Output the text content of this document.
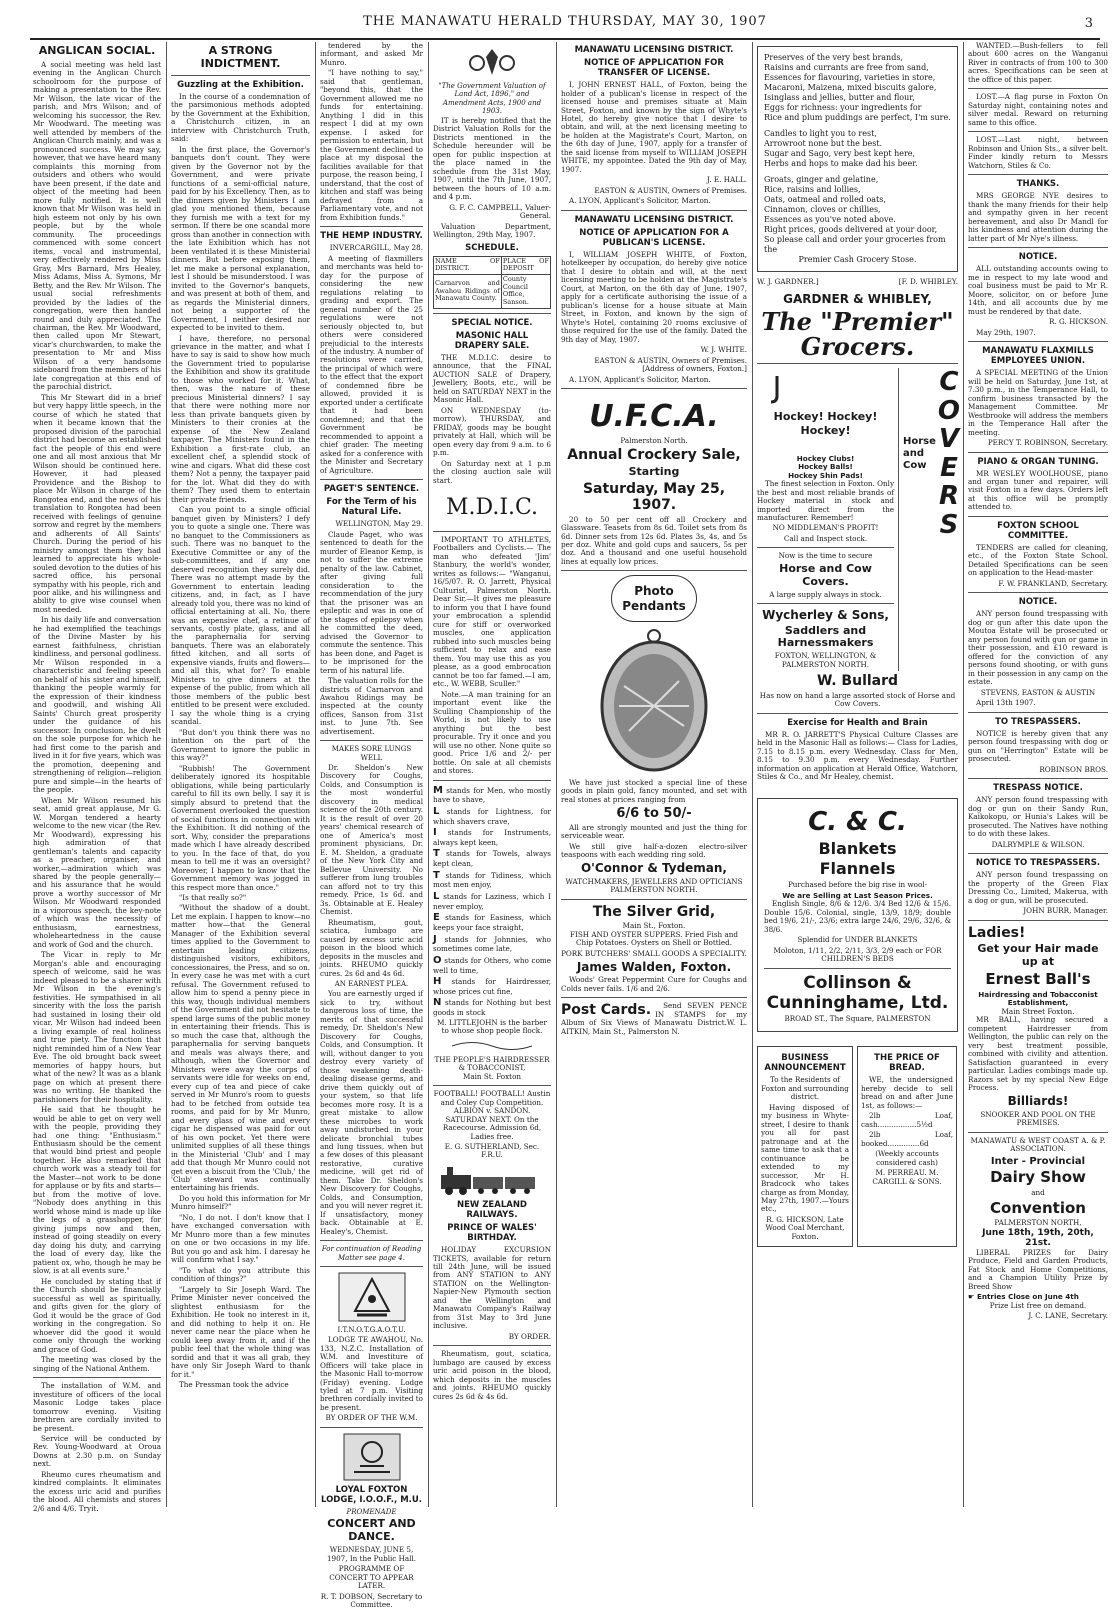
THE MANAWATU HERALD THURSDAY, MAY 30, 1907	3
ANGLICAN SOCIAL.

A social meeting was held last evening in the Anglican Church schoolroom for the purpose of making a presentation to the Rev. Mr Wilson, the late vicar of the parish, and Mrs Wilson; and of welcoming his successor, the Rev. Mr Woodward. The meeting was well attended by members of the Anglican Church mainly, and was a pronounced success. We may say, however, that we have heard many complaints this morning from outsiders and others who would have been present, if the date and object of the meeting had been more fully notified. It is well known that Mr Wilson was held in high esteem not only by his own people, but by the whole community. The proceedings commenced with some concert items, vocal and instrumental, very effectively rendered by Miss Gray, Mrs Barnard, Mrs Healey, Miss Adams, Miss A. Symons, Mr Betty, and the Rev. Mr Wilson. The usual social refreshments provided by the ladies of the congregation, were then handed round and duly appreciated. The chairman, the Rev. Mr Woodward, then called upon Mr Stewart, vicar's churchwarden, to make the presentation to Mr and Miss Wilson of a very handsome sideboard from the members of his late congregation at this end of the parochial district.

This Mr Stewart did in a brief but very happy little speech, in the course of which he stated that when it became known that the proposed division of the parochial district had become an established fact the people of this end were one and all most anxious that Mr Wilson should be continued here. However, it had pleased Providence and the Bishop to place Mr Wilson in charge of the Rongotea end, and the news of his translation to Rongotea had been received with feelings of genuine sorrow and regret by the members and adherents of All Saints' Church. During the period of his ministry amongst them they had learned to appreciate his whole-souled devotion to the duties of his sacred office, his personal sympathy with his people, rich and poor alike, and his willingness and ability to give wise counsel when most needed.

In his daily life and conversation he had exemplified the teachings of the Divine Master by his earnest faithfulness, christian kindliness, and personal godliness. Mr Wilson responded in a characteristic and feeling speech on behalf of his sister and himself, thanking the people warmly for the expression of their kindness and goodwill, and wishing All Saints' Church great prosperity under the guidance of his successor. In conclusion, he dwelt on the sole purpose for which he had first come to the parish and lived in it for five years, which was the promotion, deepening and strengthening of religion—religion pure and simple—in the hearts of the people.

When Mr Wilson resumed his seat, amid great applause, Mr G. W. Morgan tendered a hearty welcome to the new vicar (the Rev. Mr Woodward), expressing his high admiration of that gentleman's talents and capacity as a preacher, organiser, and worker,—admiration which was shared by the people generally—and his assurance that he would prove a worthy successor of Mr Wilson. Mr Woodward responded in a vigorous speech, the key-note of which was the necessity of enthusiasm, earnestness, wholeheartedness in the cause and work of God and the church.

The Vicar in reply to Mr Morgan's able and encouraging speech of welcome, said he was indeed pleased to be a sharer with Mr Wilson in the evening's festivities. He sympathised in all sincerity with the loss the parish had sustained in losing their old vicar. Mr Wilson had indeed been a living example of real holiness and true piety. The function that night reminded him of a New Year Eve. The old brought back sweet memories of happy hours, but what of the new? It was as a blank page on which at present there was no writing. He thanked the parishioners for their hospitality.

He said that he thought he would be able to get on very well with the people, providing they had one thing: "Enthusiasm." Enthusiasm should be the cement that would bind priest and people together. He also remarked that church work was a steady toil for the Master—not work to be done for applause or by fits and starts—but from the motive of love. "Nobody does anything in this world whose mind is made up like the legs of a grasshopper, for giving jumps now and then, instead of going steadily on every day doing his duty, and carrying the load of every day, like the patient ox, who, though he may be slow, is at all events sure."

He concluded by stating that if the Church should be financially successful as well as spiritually, and gifts given for the glory of God it would be the grace of God working in the congregation. So whoever did the good it would come only through the working and grace of God.

The meeting was closed by the singing of the National Anthem.

The installation of W.M. and investiture of officers of the local Masonic Lodge takes place tomorrow evening. Visiting brethren are cordially invited to be present.

Service will be conducted by Rev. Young-Woodward at Oroua Downs at 2.30 p.m. on Sunday next.

Rheumo cures rheumatism and kindred complaints. It eliminates the excess uric acid and purifies the blood. All chemists and stores 2/6 and 4/6. Tryit.

A STRONG INDICTMENT.
Guzzling at the Exhibition.

In the course of a condemnation of the parsimonious methods adopted by the Government at the Exhibition, a Christchurch citizen, in an interview with Christchurch Truth, said:

In the first place, the Governor's banquets don't count. They were given by the Governor not by the Government, and were private functions of a semi-official nature, paid for by his Excellency. Then, as to the dinners given by Ministers I am glad you mentioned them, because they furnish me with a text for my sermon. If there be one scandal more gross than another in connection with the late Exhibition which has not been ventilated it is these Ministerial dinners. But before exposing them, let me make a personal explanation, lest I should be misunderstood. I was invited to the Governor's banquets, and was present at both of them, and as regards the Ministerial dinners, not being a supporter of the Government, I neither desired nor expected to be invited to them.

I have, therefore, no personal grievance in the matter, and what I have to say is said to show how much the Government tried to popularise the Exhibition and show its gratitude to those who worked for it. What, then, was the nature of these precious Ministerial dinners? I say that there were nothing more nor less than private banquets given by Ministers to their cronies at the expense of the New Zealand taxpayer. The Ministers found in the Exhibition a first-rate club, an excellent chef, a splendid stock of wine and cigars. What did these cost them? Not a penny, the taxpayer paid for the lot. What did they do with them? They used them to entertain their private friends.

Can you point to a single official banquet given by Ministers? I defy you to quote a single one. There was no banquet to the Commissioners as such. There was no banquet to the Executive Committee or any of the sub-committees, and if any one deserved recognition they surely did. There was no attempt made by the Government to entertain leading citizens, and, in fact, as I have already told you, there was no kind of official entertaining at all. No, there was an expensive chef, a retinue of servants, costly plate, glass, and all the paraphernalia for serving banquets. There was an elaborately fitted kitchen, and all sorts of expensive viands, fruits and flowers—and all this, what for? To enable Ministers to give dinners at the expense of the public, from which all those members of the public best entitled to be present were excluded. I say the whole thing is a crying scandal.

"But don't you think there was no intention on the part of the Government to ignore the public in this way?"

"Rubbish! The Government deliberately ignored its hospitable obligations, while being particularly careful to fill its own belly. I say it is simply absurd to pretend that the Government overlooked the question of social functions in connection with the Exhibition. It did nothing of the sort. Why, consider the preparations made which I have already described to you. In the face of that, do you mean to tell me it was an oversight? Moreover, I happen to know that the Government memory was jogged in this respect more than once."

"Is that really so?"

"Without the shadow of a doubt. Let me explain. I happen to know—no matter how—that the General Manager of the Exhibition several times applied to the Government to entertain leading citizens, distinguished visitors, exhibitors, concessionaires, the Press, and so on. In every case he was met with a curt refusal. The Government refused to allow him to spend a penny piece in this way, though individual members of the Government did not hesitate to spend large sums of the public money in entertaining their friends. This is so much the case that, although the paraphernalia for serving banquets and meals was always there, and although, when the Governor and Ministers were away the corps of servants were idle for weeks on end, every cup of tea and piece of cake served in Mr Munro's room to guests had to be fetched from outside tea rooms, and paid for by Mr Munro, and every glass of wine and every cigar he dispensed was paid for out of his own pocket. Yet there were unlimited supplies of all these things in the Ministerial 'Club' and I may add that though Mr Munro could not get even a biscuit from the 'Club,' the 'Club' steward was continually entertaining his friends.

Do you hold this information for Mr Munro himself?"

"No, I do not. I don't know that I have exchanged conversation with Mr Munro more than a few minutes on one or two occasions in my life. But you go and ask him. I daresay he will confirm what I say."

"To what do you attribute this condition of things?"

"Largely to Sir Joseph Ward. The Prime Minister never conceived the slightest enthusiasm for the Exhibition. He took no interest in it, and did nothing to help it on. He never came near the place when he could keep away from it, and if the public feel that the whole thing was sordid and that it was all grab, they have only Sir Joseph Ward to thank for it."

The Pressman took the advice

tendered by the informant, and asked Mr Munro.

"I have nothing to say," said that gentleman, "beyond this, that the Government allowed me no funds for entertaining. Anything I did in this respect I did at my own expense. I asked for permission to entertain, but the Government declined to place at my disposal the facilities available for that purpose, the reason being, I understand, that the cost of kitchen and staff was being defrayed from a Parliamentary vote, and not from Exhibition funds."

THE HEMP INDUSTRY.

INVERCARGILL, May 28.

A meeting of flaxmillers and merchants was held to-day for the purpose of considering the new regulations relating to grading and export. The general number of the 25 regulations were not seriously objected to, but others were considered prejudicial to the interests of the industry. A number of resolutions were carried, the principal of which were to the effect that the export of condemned fibre be allowed, provided it is exported under a certificate that it had been condemned; and that the Government be recommended to appoint a chief grader. The meeting asked for a conference with the Minister and Secretary of Agriculture.

PAGET'S SENTENCE.
For the Term of his Natural Life.

WELLINGTON, May 29.

Claude Paget, who was sentenced to death for the murder of Eleanor Kemp, is not to suffer the extreme penalty of the law. Cabinet, after giving full consideration to the recommendation of the jury that the prisoner was an epileptic and was in one of the stages of epilepsy when he committed the deed, advised the Governor to commute the sentence. This has been done, and Paget is to be imprisoned for the term of his natural life.

The valuation rolls for the districts of Carnarvon and Awahou Ridings may be inspected at the county offices, Sanson from 31st inst. to June 7th. See advertisement.

MAKES SORE LUNGS WELL

Dr. Sheldon's New Discovery for Coughs, Colds, and Consumption is the most wonderful discovery in medical science of the 20th century. It is the result of over 20 years' chemical research of one of America's most prominent physicians, Dr. E. M. Sheldon, a graduate of the New York City and Bellevue University. No sufferer from lung troubles can afford not to try this remedy. Price, 1s 6d. and 3s. Obtainable at E. Healey Chemist.

Rheumatism, gout, sciatica, lumbago are caused by excess uric acid poison in the blood which deposits in the muscles and joints. RHEUMO quickly cures. 2s 6d and 4s 6d.

AN EARNEST PLEA.

You are earnestly urged if sick to try, without dangerous loss of time, the merits of that successful remedy, Dr. Sheldon's New Discovery for Coughs, Colds, and Consumption. It will, without danger to you destroy every variety of those weakening death-dealing disease germs, and drive them quickly out of your system, so that life becomes more rosy. It is a great mistake to allow these microbes to work away undisturbed in your delicate bronchial tubes and lung tissues, when but a few doses of this pleasant restorative, curative medicine, will get rid of them. Take Dr. Sheldon's New Discovery for Coughs, Colds, and Consumption, and you will never regret it. If unsatisfactory, money back. Obtainable at E. Healey's, Chemist.

For continuation of Reading Matter see page 4.
I.T.N.O.T.G.A.O.T.U.

LODGE TE AWAHOU, No. 133, N.Z.C. Installation of W.M. and Investiture of Officers will take place in the Masonic Hall to-morrow (Friday) evening. Lodge tyled at 7 p.m. Visiting brethren cordially invited to be present.

BY ORDER OF THE W.M.

LOYAL FOXTON LODGE, I.O.O.F., M.U.
PROMENADE
CONCERT AND DANCE.

WEDNESDAY, JUNE 5, 1907, In the Public Hall.

PROGRAMME OF CONCERT TO APPEAR LATER.

R. T. DOBSON, Secretary to Committee.

"The Government Valuation of Land Act, 1896," and Amendment Acts, 1900 and 1903.

IT is hereby notified that the District Valuation Rolls for the Districts mentioned in the Schedule hereunder will be open for public inspection at the place named in the schedule from the 31st May, 1907, until the 7th June, 1907, between the hours of 10 a.m. and 4 p.m.

G. F. C. CAMPBELL, Valuer-General.

Valuation Department, Wellington, 29th May, 1907.

SCHEDULE.
NAME OF DISTRICT.	PLACE OF DEPOSIT
Carnarvon and Awahou Ridings of Manawatu County.	County Council Office, Sanson.
SPECIAL NOTICE.
MASONIC HALL DRAPERY SALE.

THE M.D.I.C. desire to announce, that the FINAL AUCTION SALE of Drapery, Jewellery, Boots, etc., will be held on SATURDAY NEXT in the Masonic Hall.

ON WEDNESDAY (to-morrow), THURSDAY, and FRIDAY, goods may be bought privately at Hall, which will be open every day from 9 a.m. to 6 p.m.

On Saturday next at 1 p.m the closing auction sale will start.

M.D.I.C.

IMPORTANT TO ATHLETES, Footballers and Cyclists.— The man who defeated 'Jim' Stanbury, the world's wonder, writes as follows:— "Wanganui, 16/5/07. R. O. Jarrett, Physical Culturist, Palmerston North. Dear Sir,—It gives me pleasure to inform you that I have found your embrocation a splendid cure for stiff or overworked muscles, one application rubbed into such muscles being sufficient to relax and ease them. You may use this as you please, as a good embrocation cannot be too far famed.—I am, etc., W. WEBB, Sculler."

Note.—A man training for an important event like the Sculling Championship of the World, is not likely to use anything but the best procurable. Try it once and you will use no other. None quite so good. Price 1/6 and 2/- per bottle. On sale at all chemists and stores.

M stands for Men, who mostly have to shave,

L stands for Lightness, for which shavers crave,

I stands for Instruments, always kept keen,

T stands for Towels, always kept clean,

T stands for Tidiness, which most men enjoy,

L stands for Laziness, which I never employ,

E stands for Easiness, which keeps your face straight,

J stands for Johnnies, who sometimes come late,

O stands for Others, who come well to time,

H stands for Hairdresser, whose prices cut fine,

N stands for Nothing but best goods in stock

M. LITTLEJOHN is the barber to whose shop people flock.

THE PEOPLE'S HAIRDRESSER & TOBACCONIST,
Main St. Foxton

FOOTBALL! FOOTBALL! Austin and Coley Cup Competition. ALBION v. SANDON. SATURDAY NEXT. On the Racecourse. Admission 6d, Ladies free.

E. G. SUTHERLAND, Sec. F.R.U.

NEW ZEALAND RAILWAYS.
PRINCE OF WALES' BIRTHDAY.

HOLIDAY EXCURSION TICKETS, available for return till 24th June, will be issued from ANY STATION to ANY STATION on the Wellington-Napier-New Plymouth section and the Wellington and Manawatu Company's Railway from 31st May to 3rd June inclusive.

BY ORDER.

Rheumatism, gout, sciatica, lumbago are caused by excess uric acid poison in the blood, which deposits in the muscles and joints. RHEUMO quickly cures 2s 6d & 4s 6d.

MANAWATU LICENSING DISTRICT.
NOTICE OF APPLICATION FOR TRANSFER OF LICENSE.

I, JOHN ERNEST HALL, of Foxton, being the holder of a publican's license in respect of the licensed house and premises situate at Main Street, Foxton, and known by the sign of Whyte's Hotel, do hereby give notice that I desire to obtain, and will, at the next licensing meeting to be holden at the Magistrate's Court, Marton, on the 6th day of June, 1907, apply for a transfer of the said license from myself to WILLIAM JOSEPH WHITE, my appointee. Dated the 9th day of May, 1907.

J. E. HALL.

EASTON & AUSTIN, Owners of Premises.

A. LYON, Applicant's Solicitor, Marton.

MANAWATU LICENSING DISTRICT.
NOTICE OF APPLICATION FOR A PUBLICAN'S LICENSE.

I, WILLIAM JOSEPH WHITE, of Foxton, hotelkeeper by occupation, do hereby give notice that I desire to obtain and will, at the next licensing meeting to be holden at the Magistrate's Court, at Marton, on the 6th day of June, 1907, apply for a certificate authorising the issue of a publican's license for a house situate at Main Street, in Foxton, and known by the sign of Whyte's Hotel, containing 20 rooms exclusive of those required for the use of the family. Dated the 9th day of May, 1907.

W. J. WHITE.

EASTON & AUSTIN, Owners of Premises. [Address of owners, Foxton.]

A. LYON, Applicant's Solicitor, Marton.

U.F.C.A.
Palmerston North.
Annual Crockery Sale,
Starting
Saturday, May 25, 1907.

20 to 50 per cent off all Crockery and Glassware. Teasets from 8s 6d. Toilet sets from 8s 6d. Dinner sets from 12s 6d. Plates 3s, 4s, and 5s per doz. White and gold cups and saucers, 5s per doz. And a thousand and one useful household lines at equally low prices.

Photo Pendants

We have just stocked a special line of these goods in plain gold, fancy mounted, and set with real stones at prices ranging from

6/6 to 50/-

All are strongly mounted and just the thing for serviceable wear.

We still give half-a-dozen electro-silver teaspoons with each wedding ring sold.

O'Connor & Tydeman,
WATCHMAKERS, JEWELLERS AND OPTICIANS
PALMERSTON NORTH.
The Silver Grid,
Main St., Foxton.

FISH AND OYSTER SUPPERS. Fried Fish and Chip Potatoes. Oysters on Shell or Bottled.

PORK BUTCHERS' SMALL GOODS A SPECIALITY.

James Walden, Foxton.

Woods' Great Peppermint Cure for Coughs and Colds never fails. 1/6 and 2/6.

Post Cards.	Send SEVEN PENCE IN STAMPS for my Album of Six Views of Manawatu District.W. L. AITKIN, Main St., Palmerston N.

Preserves of the very best brands,
Raisins and currants are free from sand,
Essences for flavouring, varieties in store,
Macaroni, Maizena, mixed biscuits galore,
Isinglass and jellies, butter and flour,
Eggs for richness: your ingredients for
Rice and plum puddings are perfect, I'm sure.
Candles to light you to rest,
Arrowroot none but the best.
Sugar and Sago, very best kept here,
Herbs and hops to make dad his beer.
Groats, ginger and gelatine,
Rice, raisins and lollies,
Oats, oatmeal and rolled oats,
Cinnamon, cloves or chillies,
Essences as you've noted above.
Right prices, goods delivered at your door,
So please call and order your groceries from the
Premier Cash Grocery Stose.
W. J. GARDNER.]	[F. D. WHIBLEY.
GARDNER & WHIBLEY,
The "Premier" Grocers.
Hockey! Hockey! Hockey!
Hockey Clubs!
Hockey Balls!
Hockey Shin Pads!

The finest selection in Foxton. Only the best and most reliable brands of Hockey material in stock and imported direct from the manufacturer. Remember!

NO MIDDLEMAN'S PROFIT!

Call and Inspect stock.

Now is the time to secure

Horse and Cow Covers.

A large supply always in stock.

Wycherley & Sons,
Saddlers and Harnessmakers

FOXTON, WELLINGTON, & PALMERSTON NORTH.

Horse
and
Cow
C
O
V
E
R
S
W. Bullard

Has now on hand a large assorted stock of Horse and Cow Covers.

Exercise for Health and Brain

MR R. O. JARRETT'S Physical Culture Classes are held in the Masonic Hall as follows:— Class for Ladies, 7.15 to 8.15 p.m. every Wednesday. Class for Men, 8.15 to 9.30 p.m. every Wednesday. Further information on application at Herald Office, Watchorn, Stiles & Co., and Mr Healey, chemist.

C. & C.
Blankets
Flannels

Purchased before the big rise in wool-

We are Selling at Last Season Prices.

English Single, 8/6 & 12/6. 3/4 Bed 12/6 & 15/6. Double 15/6. Colonial, single, 13/9, 18/9; double bed 19/6, 21/-, 23/6; extra large 24/6, 29/6, 32/6, & 38/6.

Splendid for UNDER BLANKETS

Moloton, 1/11, 2/2, 2/11, 3/3, 2/9 each or FOR CHILDREN'S BEDS

Collinson & Cunninghame, Ltd.

BROAD ST., The Square, PALMERSTON

BUSINESS ANNOUNCEMENT

To the Residents of Foxton and surrounding district.

Having disposed of my business in Whyte-street, I desire to thank you all for past patronage and at the same time to ask that a continuance be extended to my successor, Mr H. Bradcock who takes charge as from Monday, May 27th, 1907.—Yours etc.,

R. G. HICKSON, Late Wood Coal Merchant, Foxton.

THE PRICE OF BREAD.

WE, the undersigned hereby decide to sell bread on and after June 1st, as follows:—

2lb Loaf, cash.................5½d

2lb Loaf, booked..............6d

(Weekly accounts considered cash)

M. PERREAU. M. CARGILL & SONS.

WANTED.—Bush-fellers to fell about 600 acres on the Wanganui River in contracts of from 100 to 300 acres. Specifications can be seen at the office of this paper.

LOST.—A flag purse in Foxton On Saturday night, containing notes and silver medal. Reward on returning same to this office.

LOST.—Last night, between Robinson and Union Sts., a silver belt. Finder kindly return to Messrs Watchorn, Stiles & Co.

THANKS.

MRS GEORGE NYE desires to thank the many friends for their help and sympathy given in her recent bereavement, and also Dr Mandl for his kindness and attention during the latter part of Mr Nye's illness.

NOTICE.

ALL outstanding accounts owing to me in respect to my late wood and coal business must be paid to Mr R. Moore, solicitor, on or before June 14th, and all accounts due by me must be rendered by that date.

R. G. HICKSON.

May 29th, 1907.

MANAWATU FLAXMILLS EMPLOYEES UNION.

A SPECIAL MEETING of the Union will be held on Saturday, June 1st, at 7.30 p.m., in the Temperance Hall, to confirm business transacted by the Management Committee. Mr Westbrooke will address the members in the Temperance Hall after the meeting.

PERCY T. ROBINSON, Secretary.

PIANO & ORGAN TUNING.

MR WESLEY WOOLHOUSE, piano and organ tuner and repairer, will visit Foxton in a few days. Orders left at this office will be promptly attended to.

FOXTON SCHOOL COMMITTEE.

TENDERS are called for cleaning, etc., of the Foxton State School. Detailed Specifications can be seen on application to the Head-master

F. W. FRANKLAND, Secretary.

NOTICE.

ANY person found trespassing with dog or gun after this date upon the Moutoa Estate will be prosecuted or any person found with gun or game in their possession, and £10 reward is offered for the conviction of any persons found shooting, or with guns in their possession in any camp on the estate.

STEVENS, EASTON & AUSTIN

April 13th 1907.

TO TRESPASSERS.

NOTICE is hereby given that any person found trespassing with dog or gun on "Herrington" Estate will be prosecuted.

ROBINSON BROS.

TRESPASS NOTICE.

ANY person found trespassing with dog or gun on their Sandy Run, Kaikokopu, or Hunia's Lakes will be prosecuted. The Natives have nothing to do with these lakes.

DALRYMPLE & WILSON.

NOTICE TO TRESPASSERS.

ANY person found trespassing on the property of the Green Flax Dressing Co., Limited, Makerua, with a dog or gun, will be prosecuted.

JOHN BURR, Manager.

Ladies!
Get your Hair made up at
Ernest Ball's
Hairdressing and Tobacconist Establishment,
Main Street Foxton.

MR BALL, having secured a competent Hairdresser from Wellington, the public can rely on the very best treatment possible, combined with civility and attention. Satisfaction guaranteed in every particular. Ladies combings made up. Razors set by my special New Edge Process.

Billiards!

SNOOKER AND POOL ON THE PREMISES.

MANAWATU & WEST COAST A. & P. ASSOCIATION.

Inter - Provincial
Dairy Show
and
Convention
PALMERSTON NORTH,
June 18th, 19th, 20th, 21st.

LIBERAL PRIZES for Dairy Produce, Field and Garden Products, Fat Stock and Home Competitions, and a Champion Utility Prize by Breed Show

☛ Entries Close on June 4th

Prize List free on demand.

J. C. LANE, Secretary.
